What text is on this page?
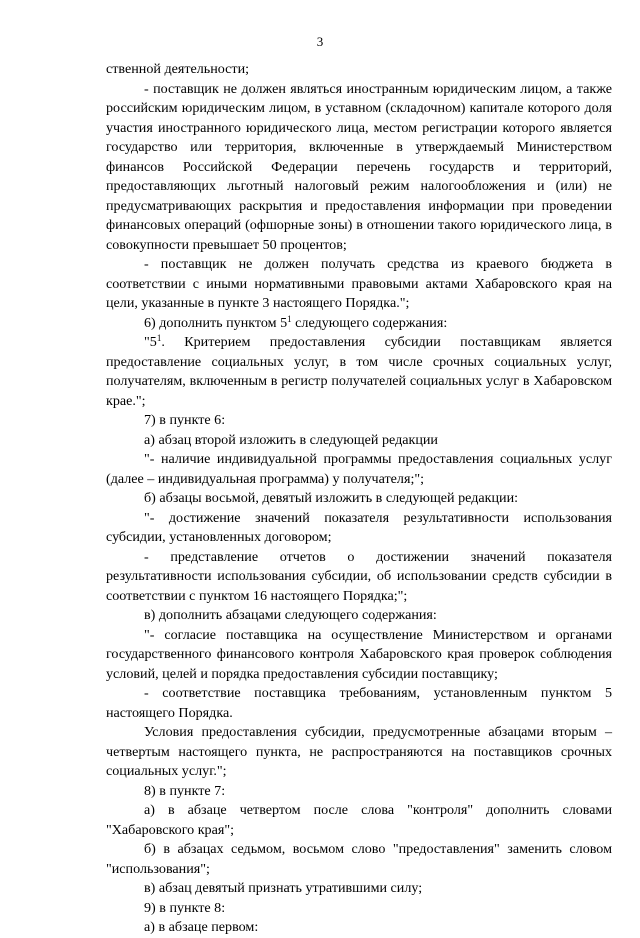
3

ственной деятельности;

- поставщик не должен являться иностранным юридическим лицом, а также российским юридическим лицом, в уставном (складочном) капитале которого доля участия иностранного юридического лица, местом регистрации которого является государство или территория, включенные в утверждаемый Министерством финансов Российской Федерации перечень государств и территорий, предоставляющих льготный налоговый режим налогообложения и (или) не предусматривающих раскрытия и предоставления информации при проведении финансовых операций (офшорные зоны) в отношении такого юридического лица, в совокупности превышает 50 процентов;

- поставщик не должен получать средства из краевого бюджета в соответствии с иными нормативными правовыми актами Хабаровского края на цели, указанные в пункте 3 настоящего Порядка.";

6) дополнить пунктом $5^1$ следующего содержания:

"$5^1$. Критерием предоставления субсидии поставщикам является предоставление социальных услуг, в том числе срочных социальных услуг, получателям, включенным в регистр получателей социальных услуг в Хабаровском крае.";

7) в пункте 6:

а) абзац второй изложить в следующей редакции

"- наличие индивидуальной программы предоставления социальных услуг (далее – индивидуальная программа) у получателя;";

б) абзацы восьмой, девятый изложить в следующей редакции:

"- достижение значений показателя результативности использования субсидии, установленных договором;

- представление отчетов о достижении значений показателя результативности использования субсидии, об использовании средств субсидии в соответствии с пунктом 16 настоящего Порядка;";

в) дополнить абзацами следующего содержания:

"- согласие поставщика на осуществление Министерством и органами государственного финансового контроля Хабаровского края проверок соблюдения условий, целей и порядка предоставления субсидии поставщику;

- соответствие поставщика требованиям, установленным пунктом 5 настоящего Порядка.

Условия предоставления субсидии, предусмотренные абзацами вторым – четвертым настоящего пункта, не распространяются на поставщиков срочных социальных услуг.";

8) в пункте 7:

а) в абзаце четвертом после слова "контроля" дополнить словами "Хабаровского края";

б) в абзацах седьмом, восьмом слово "предоставления" заменить словом "использования";

в) абзац девятый признать утратившими силу;

9) в пункте 8:

а) в абзаце первом:
